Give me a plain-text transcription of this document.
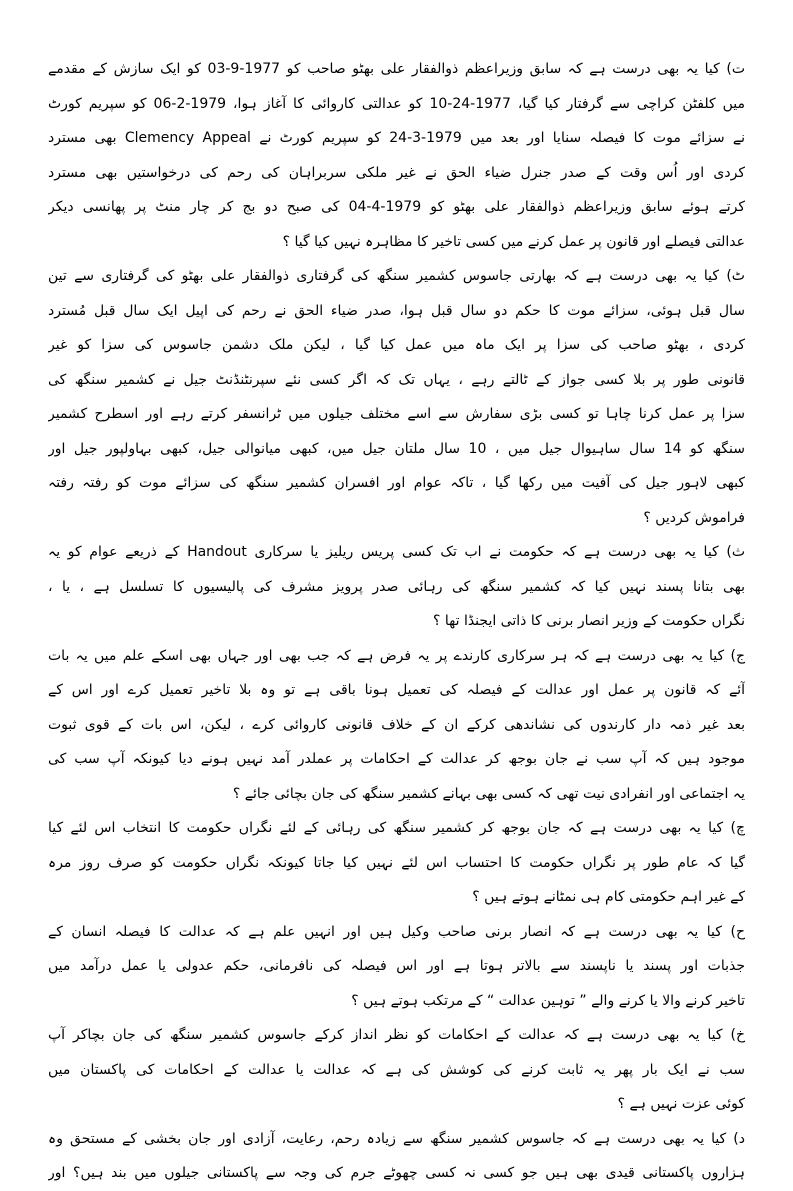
ت) کیا یہ بھی درست ہے کہ سابق وزیراعظم ذوالفقار علی بھٹو صاحب کو 1977-9-03 کو ایک سازش کے مقدمے
میں کلفٹن کراچی سے گرفتار کیا گیا، 1977-24-10 کو عدالتی کاروائی کا آغاز ہوا، 1979-2-06 کو سپریم کورٹ
نے سزائے موت کا فیصلہ سنایا اور بعد میں 1979-3-24 کو سپریم کورٹ نے Clemency Appeal بھی مسترد
کردی اور اُس وقت کے صدر جنرل ضیاء الحق نے غیر ملکی سربراہان کی رحم کی درخواستیں بھی مسترد
کرتے ہوئے سابق وزیراعظم ذوالفقار علی بھٹو کو 1979-4-04 کی صبح دو بج کر چار منٹ پر پھانسی دیکر
عدالتی فیصلے اور قانون پر عمل کرنے میں کسی تاخیر کا مظاہرہ نہیں کیا گیا ؟
ٹ) کیا یہ بھی درست ہے کہ بھارتی جاسوس کشمیر سنگھ کی گرفتاری ذوالفقار علی بھٹو کی گرفتاری سے تین
سال قبل ہوئی، سزائے موت کا حکم دو سال قبل ہوا، صدر ضیاء الحق نے رحم کی اپیل ایک سال قبل مُسترد
کردی ، بھٹو صاحب کی سزا پر ایک ماہ میں عمل کیا گیا ، لیکن ملک دشمن جاسوس کی سزا کو غیر
قانونی طور پر بلا کسی جواز کے ٹالتے رہے ، یہاں تک کہ اگر کسی نئے سپرنٹنڈنٹ جیل نے کشمیر سنگھ کی
سزا پر عمل کرنا چاہا تو کسی بڑی سفارش سے اسے مختلف جیلوں میں ٹرانسفر کرتے رہے اور اسطرح کشمیر
سنگھ کو 14 سال ساہیوال جیل میں ، 10 سال ملتان جیل میں، کبھی میانوالی جیل، کبھی بہاولپور جیل اور
کبھی لاہور جیل کی آفیت میں رکھا گیا ، تاکہ عوام اور افسران کشمیر سنگھ کی سزائے موت کو رفتہ رفتہ
فراموش کردیں ؟
ث) کیا یہ بھی درست ہے کہ حکومت نے اب تک کسی پریس ریلیز یا سرکاری Handout کے ذریعے عوام کو یہ
بھی بتانا پسند نہیں کیا کہ کشمیر سنگھ کی رہائی صدر پرویز مشرف کی پالیسیوں کا تسلسل ہے ، یا ،
نگراں حکومت کے وزیر انصار برنی کا ذاتی ایجنڈا تھا ؟
ج) کیا یہ بھی درست ہے کہ ہر سرکاری کارندے پر یہ فرض ہے کہ جب بھی اور جہاں بھی اسکے علم میں یہ بات
آئے کہ قانون پر عمل اور عدالت کے فیصلہ کی تعمیل ہونا باقی ہے تو وہ بلا تاخیر تعمیل کرے اور اس کے
بعد غیر ذمہ دار کارندوں کی نشاندھی کرکے ان کے خلاف قانونی کاروائی کرے ، لیکن، اس بات کے قوی ثبوت
موجود ہیں کہ آپ سب نے جان بوجھ کر عدالت کے احکامات پر عملدر آمد نہیں ہونے دیا کیونکہ آپ سب کی
یہ اجتماعی اور انفرادی نیت تھی کہ کسی بھی بہانے کشمیر سنگھ کی جان بچائی جائے ؟
چ) کیا یہ بھی درست ہے کہ جان بوجھ کر کشمیر سنگھ کی رہائی کے لئے نگراں حکومت کا انتخاب اس لئے کیا
گیا کہ عام طور پر نگراں حکومت کا احتساب اس لئے نہیں کیا جاتا کیونکہ نگراں حکومت کو صرف روز مرہ
کے غیر اہم حکومتی کام ہی نمٹانے ہوتے ہیں ؟
ح) کیا یہ بھی درست ہے کہ انصار برنی صاحب وکیل ہیں اور انہیں علم ہے کہ عدالت کا فیصلہ انسان کے
جذبات اور پسند یا ناپسند سے بالاتر ہوتا ہے اور اس فیصلہ کی نافرمانی، حکم عدولی یا عمل درآمد میں
تاخیر کرنے والا یا کرنے والے ” توہین عدالت “ کے مرتکب ہوتے ہیں ؟
خ) کیا یہ بھی درست ہے کہ عدالت کے احکامات کو نظر انداز کرکے جاسوس کشمیر سنگھ کی جان بچاکر آپ
سب نے ایک بار پھر یہ ثابت کرنے کی کوشش کی ہے کہ عدالت یا عدالت کے احکامات کی پاکستان میں
کوئی عزت نہیں ہے ؟
د) کیا یہ بھی درست ہے کہ جاسوس کشمیر سنگھ سے زیادہ رحم، رعایت، آزادی اور جان بخشی کے مستحق وہ
ہزاروں پاکستانی قیدی بھی ہیں جو کسی نہ کسی چھوٹے جرم کی وجہ سے پاکستانی جیلوں میں بند ہیں؟ اور
